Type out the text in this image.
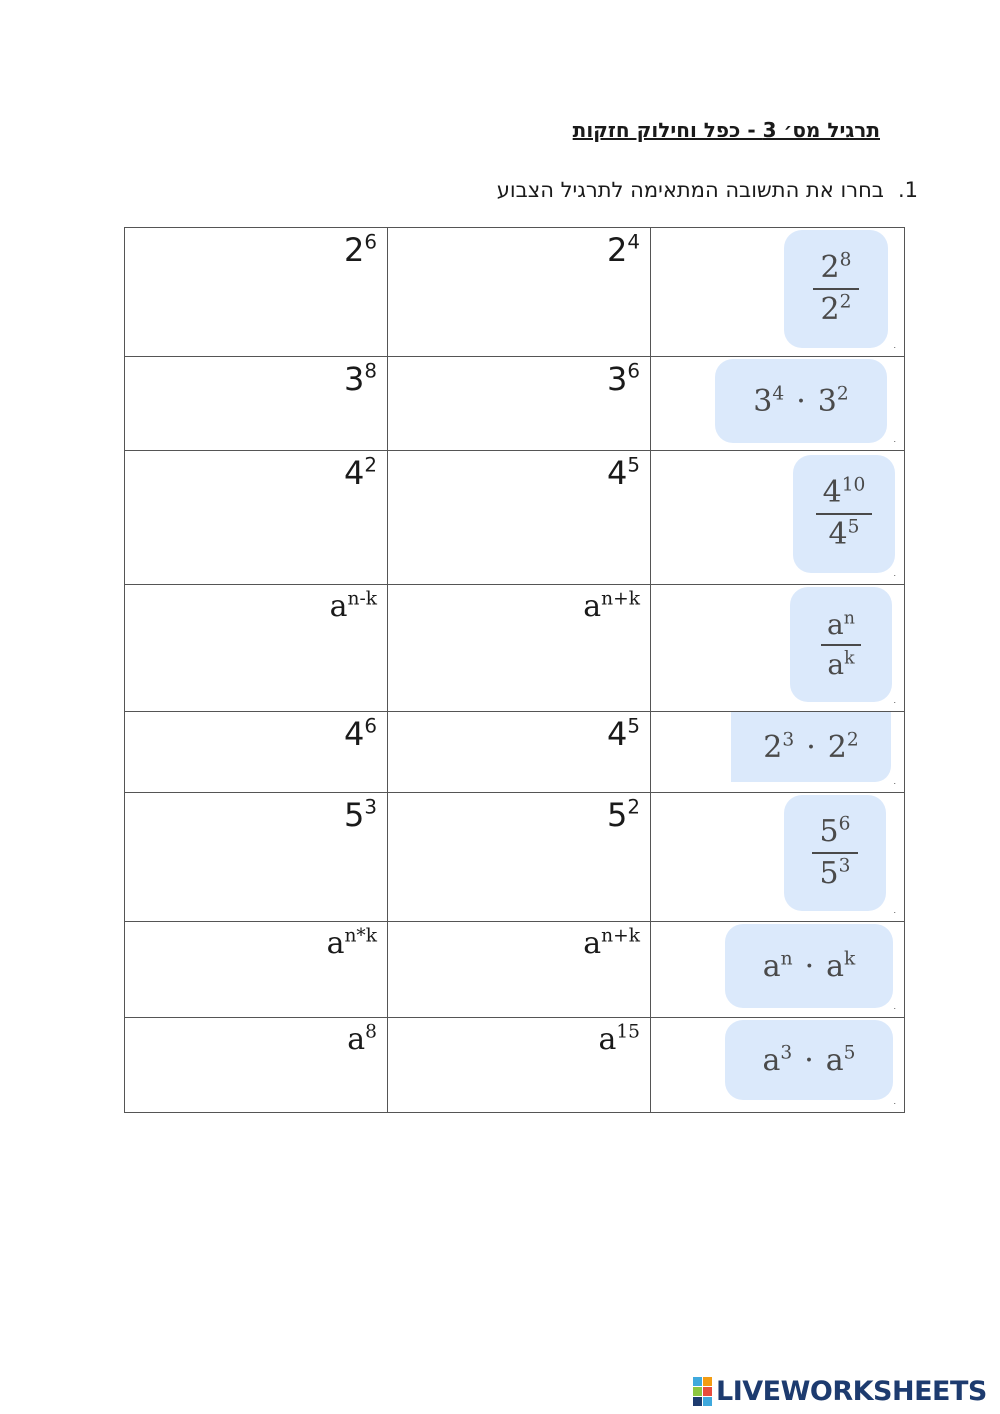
תרגיל מס׳ 3 - כפל וחילוק חזקות
.1
בחרו את התשובה המתאימה לתרגיל הצבוע
$2^6$	$2^4$	$\frac{2^8}{2^2}$
.

$3^8$	$3^6$	$3^4 \cdot 3^2$
.

$4^2$	$4^5$	$\frac{4^{10}}{4^5}$
.

$a^{n-k}$	$a^{n+k}$	$\frac{a^n}{a^k}$
.

$4^6$	$4^5$	$2^3 \cdot 2^2$
.

$5^3$	$5^2$	$\frac{5^6}{5^3}$
.

$a^{n*k}$	$a^{n+k}$	$a^n \cdot a^k$
.

$a^8$	$a^{15}$	$a^3 \cdot a^5$
.
LIVEWORKSHEETS
